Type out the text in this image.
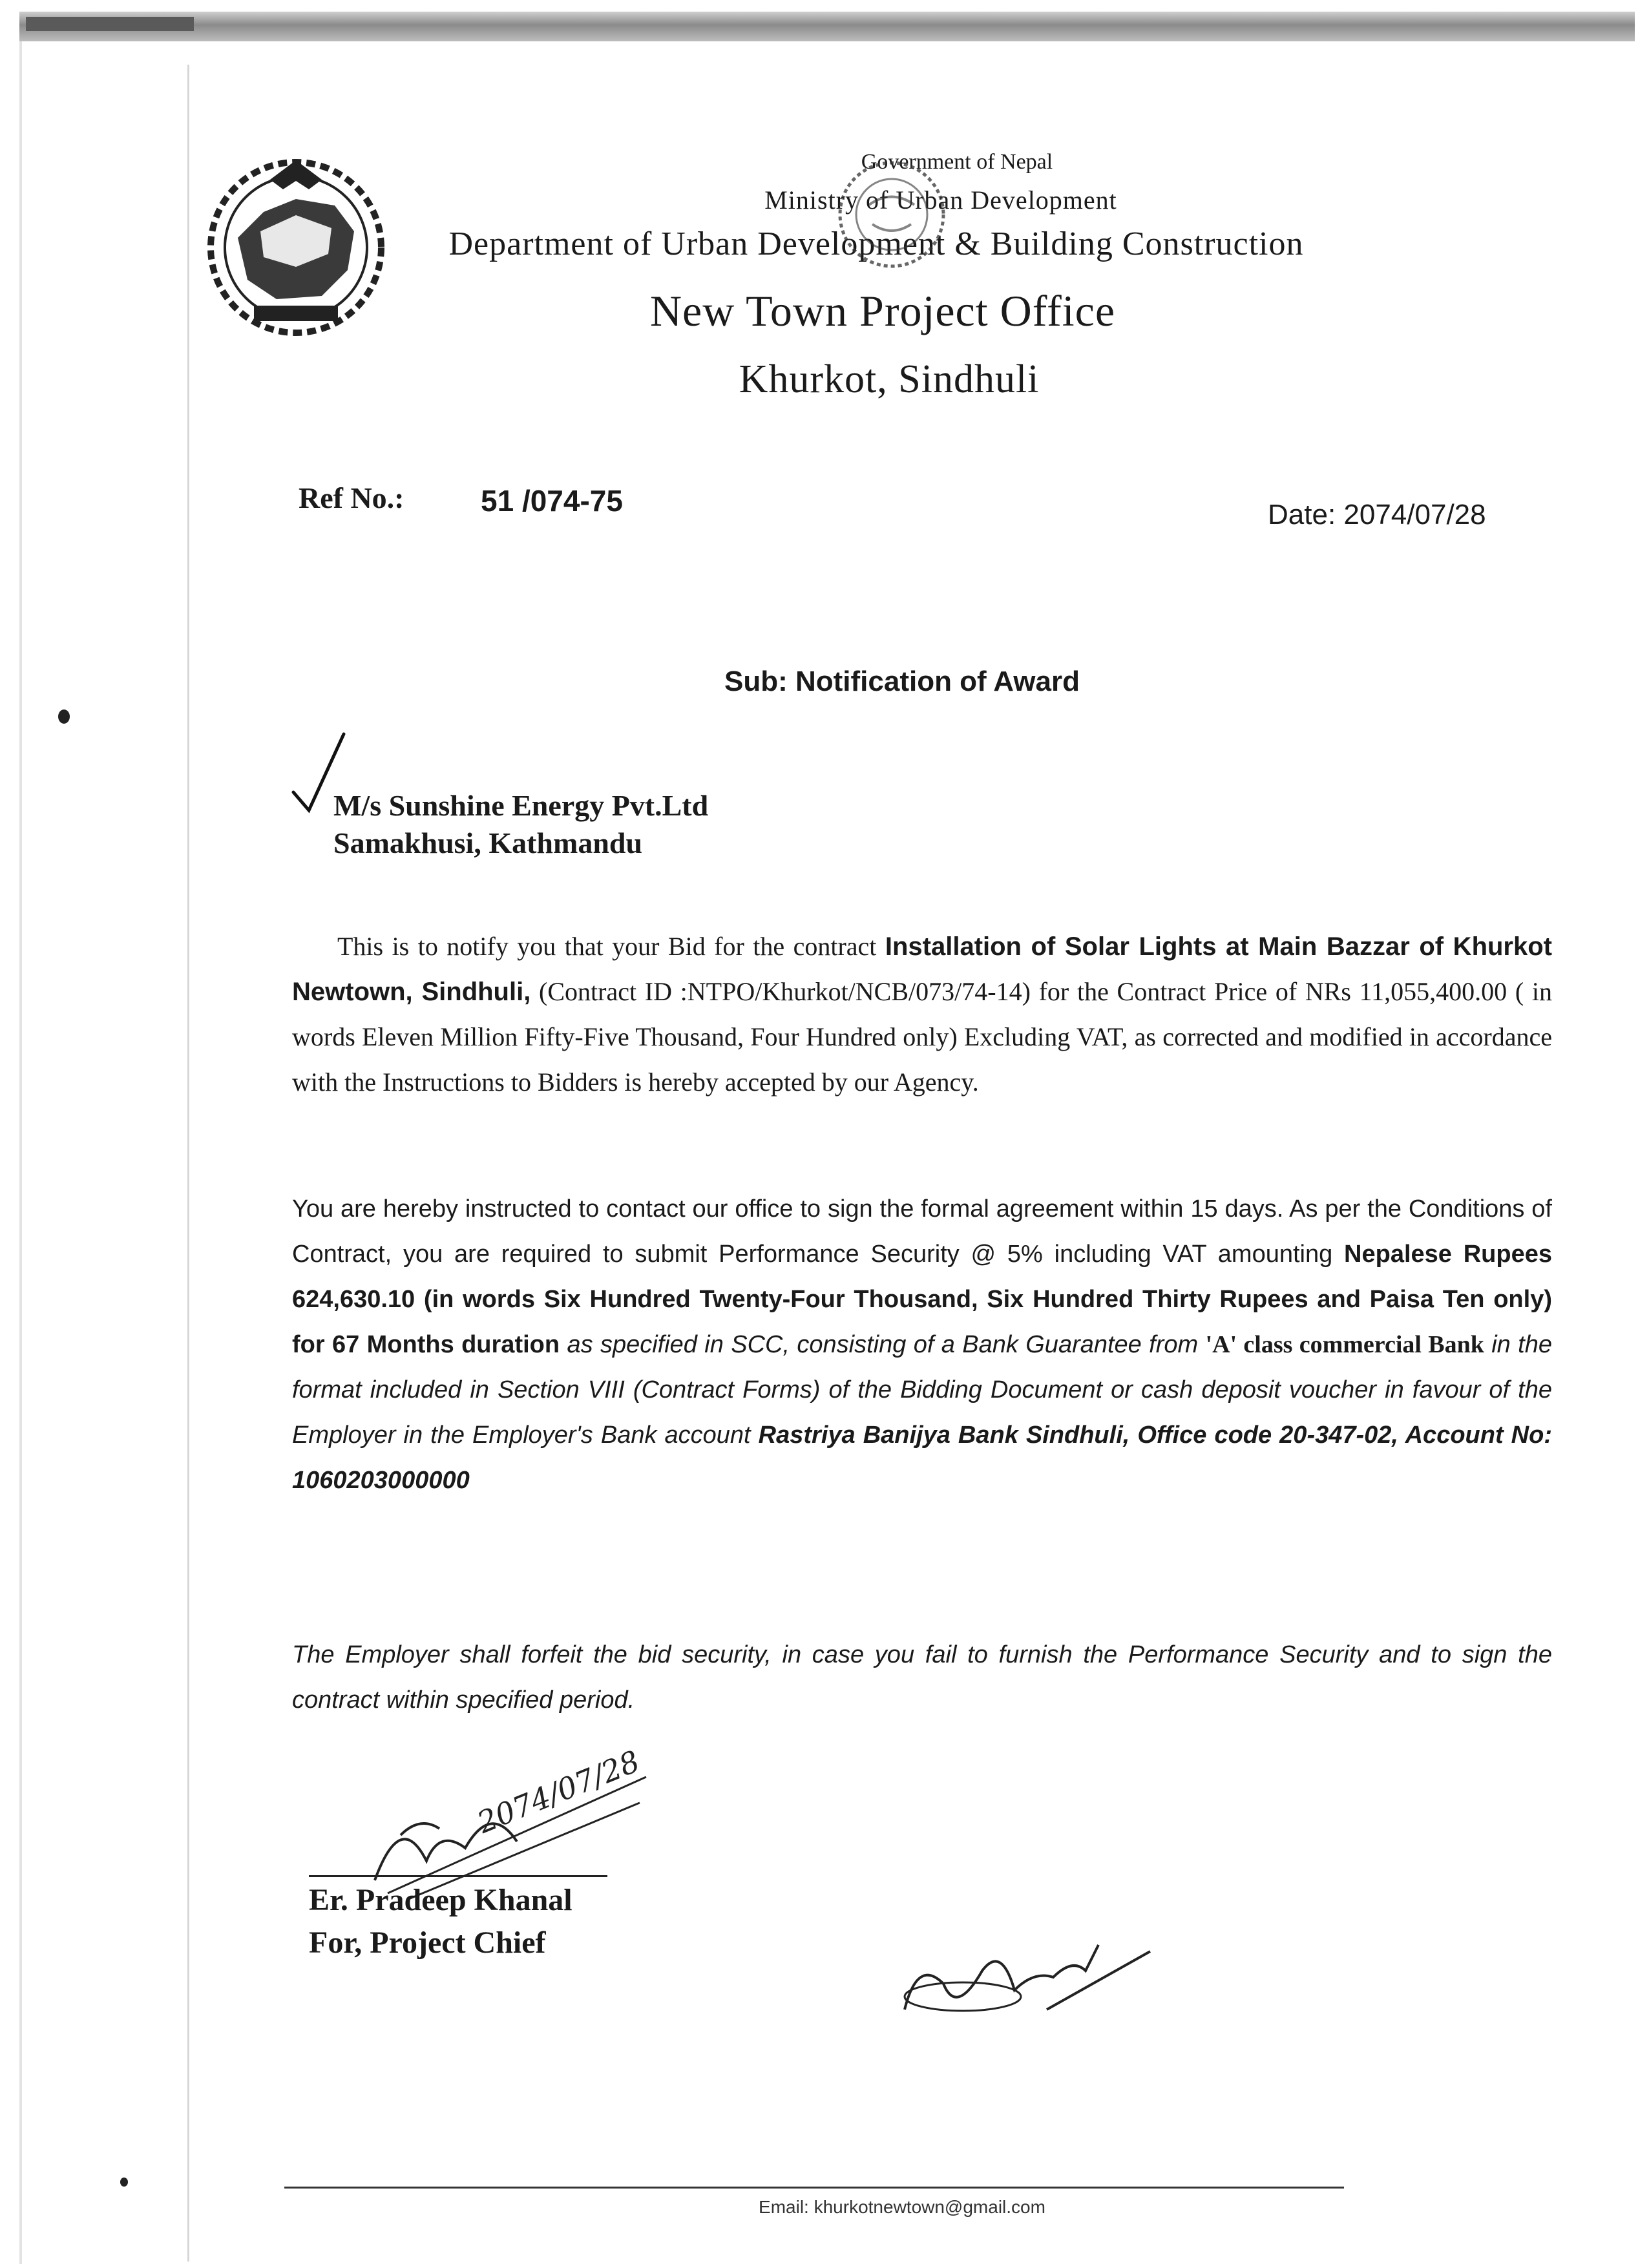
Government of Nepal
Ministry of Urban Development
Department of Urban Development & Building Construction
New Town Project Office
Khurkot, Sindhuli
Ref No.:	51 /074-75	Date: 2074/07/28
Sub: Notification of Award
M/s Sunshine Energy Pvt.Ltd
Samakhusi, Kathmandu

This is to notify you that your Bid for the contract Installation of Solar Lights at Main Bazzar of Khurkot Newtown, Sindhuli, (Contract ID :NTPO/Khurkot/NCB/073/74-14) for the Contract Price of NRs 11,055,400.00 ( in words Eleven Million Fifty-Five Thousand, Four Hundred only) Excluding VAT, as corrected and modified in accordance with the Instructions to Bidders is hereby accepted by our Agency.

You are hereby instructed to contact our office to sign the formal agreement within 15 days. As per the Conditions of Contract, you are required to submit Performance Security @ 5% including VAT amounting Nepalese Rupees 624,630.10 (in words Six Hundred Twenty-Four Thousand, Six Hundred Thirty Rupees and Paisa Ten only) for 67 Months duration as specified in SCC, consisting of a Bank Guarantee from 'A' class commercial Bank in the format included in Section VIII (Contract Forms) of the Bidding Document or cash deposit voucher in favour of the Employer in the Employer's Bank account Rastriya Banijya Bank Sindhuli, Office code 20-347-02, Account No: 1060203000000

The Employer shall forfeit the bid security, in case you fail to furnish the Performance Security and to sign the contract within specified period.

2074/07/28
Er. Pradeep Khanal
For, Project Chief
Email: khurkotnewtown@gmail.com
